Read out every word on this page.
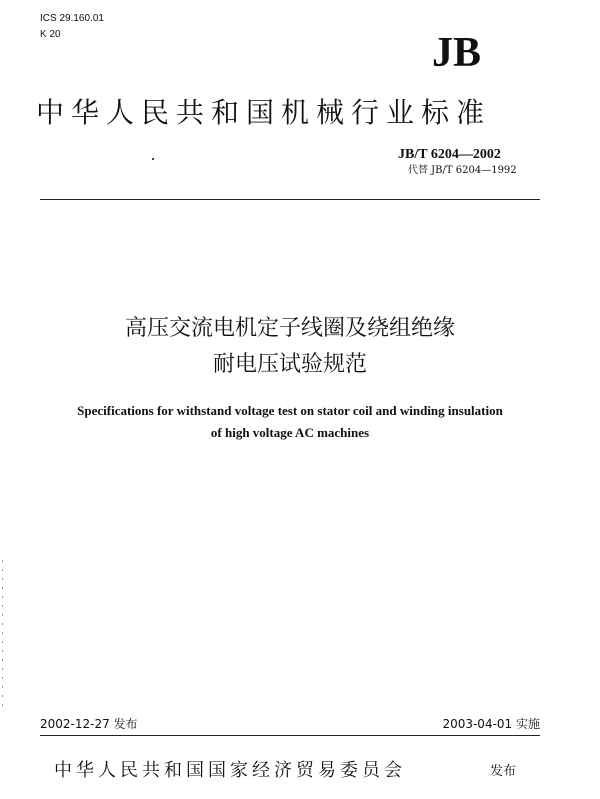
ICS 29.160.01
K 20	JB
中华人民共和国机械行业标准
JB/T 6204—2002
代替 JB/T 6204—1992
高压交流电机定子线圈及绕组绝缘
耐电压试验规范
Specifications for withstand voltage test on stator coil and winding insulation
of high voltage AC machines
2002-12-27 发布	2003-04-01 实施
中华人民共和国国家经济贸易委员会	发布
